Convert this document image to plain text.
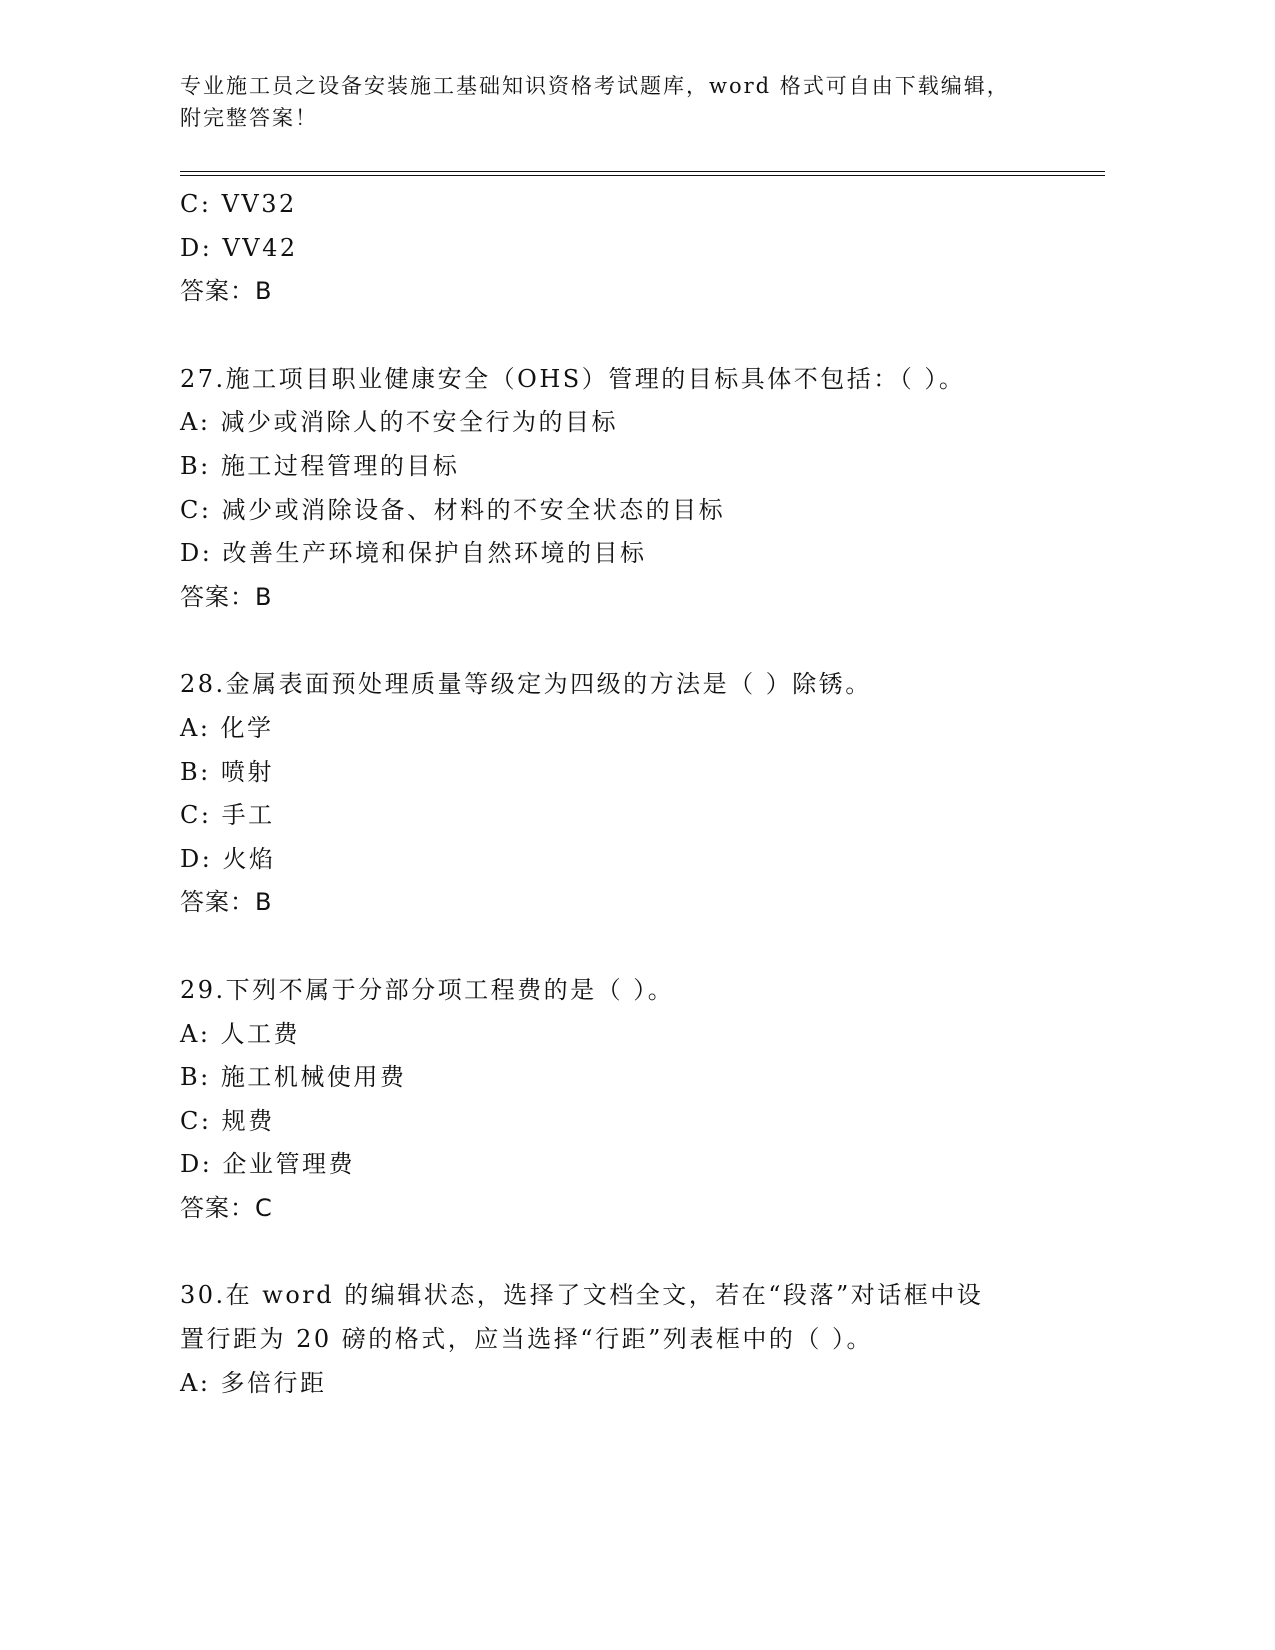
专业施工员之设备安装施工基础知识资格考试题库，word 格式可自由下载编辑，
附完整答案！
C: VV32
D: VV42
答案：B
27.施工项目职业健康安全（OHS）管理的目标具体不包括：（ ）。
A: 减少或消除人的不安全行为的目标
B: 施工过程管理的目标
C: 减少或消除设备、材料的不安全状态的目标
D: 改善生产环境和保护自然环境的目标
答案：B
28.金属表面预处理质量等级定为四级的方法是（ ）除锈。
A: 化学
B: 喷射
C: 手工
D: 火焰
答案：B
29.下列不属于分部分项工程费的是（ ）。
A: 人工费
B: 施工机械使用费
C: 规费
D: 企业管理费
答案：C
30.在 word 的编辑状态，选择了文档全文，若在“段落”对话框中设
置行距为 20 磅的格式，应当选择“行距”列表框中的（ ）。
A: 多倍行距
